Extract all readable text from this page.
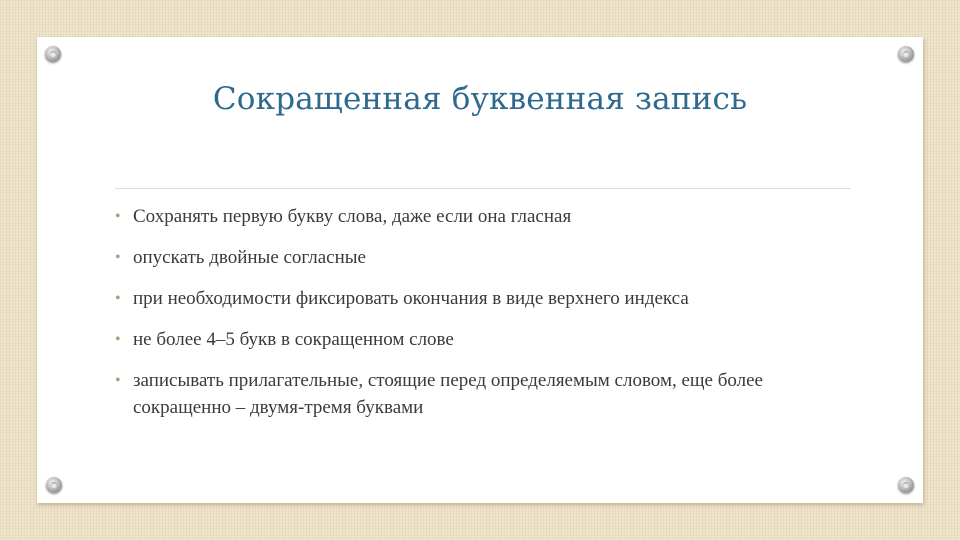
Сокращенная буквенная запись
• Сохранять первую букву слова, даже если она гласная
• опускать двойные согласные
• при необходимости фиксировать окончания в виде верхнего индекса
• не более 4–5 букв в сокращенном слове
• записывать прилагательные, стоящие перед определяемым словом, еще более сокращенно – двумя-тремя буквами
